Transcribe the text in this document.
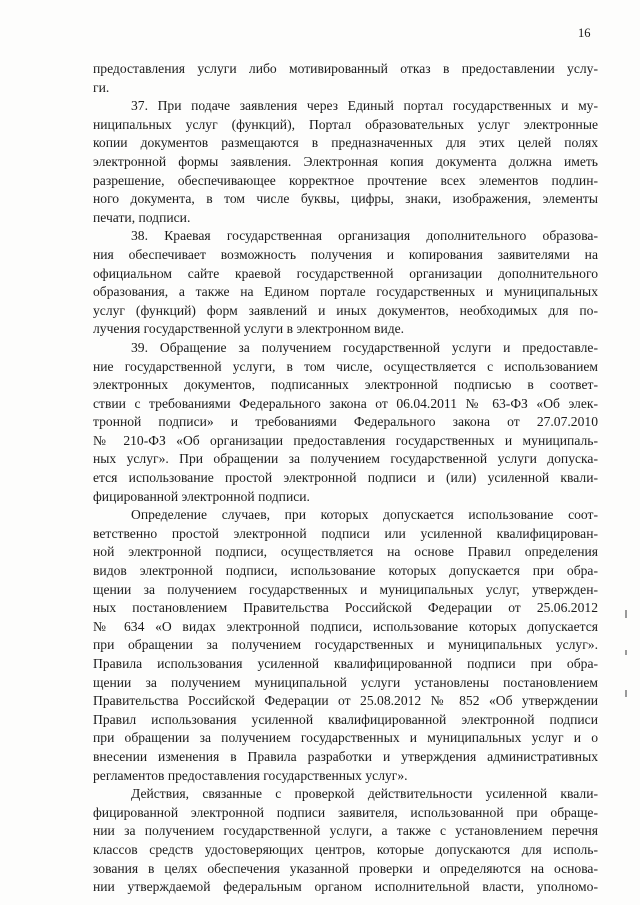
16

предоставления услуги либо мотивированный отказ в предоставлении услу-
ги.

37. При подаче заявления через Единый портал государственных и му-
ниципальных услуг (функций), Портал образовательных услуг электронные
копии документов размещаются в предназначенных для этих целей полях
электронной формы заявления. Электронная копия документа должна иметь
разрешение, обеспечивающее корректное прочтение всех элементов подлин-
ного документа, в том числе буквы, цифры, знаки, изображения, элементы
печати, подписи.

38. Краевая государственная организация дополнительного образова-
ния обеспечивает возможность получения и копирования заявителями на
официальном сайте краевой государственной организации дополнительного
образования, а также на Едином портале государственных и муниципальных
услуг (функций) форм заявлений и иных документов, необходимых для по-
лучения государственной услуги в электронном виде.

39. Обращение за получением государственной услуги и предоставле-
ние государственной услуги, в том числе, осуществляется с использованием
электронных документов, подписанных электронной подписью в соответ-
ствии с требованиями Федерального закона от 06.04.2011 № 63-ФЗ «Об элек-
тронной подписи» и требованиями Федерального закона от 27.07.2010
№ 210-ФЗ «Об организации предоставления государственных и муниципаль-
ных услуг». При обращении за получением государственной услуги допуска-
ется использование простой электронной подписи и (или) усиленной квали-
фицированной электронной подписи.

Определение случаев, при которых допускается использование соот-
ветственно простой электронной подписи или усиленной квалифицирован-
ной электронной подписи, осуществляется на основе Правил определения
видов электронной подписи, использование которых допускается при обра-
щении за получением государственных и муниципальных услуг, утвержден-
ных постановлением Правительства Российской Федерации от 25.06.2012
№ 634 «О видах электронной подписи, использование которых допускается
при обращении за получением государственных и муниципальных услуг».
Правила использования усиленной квалифицированной подписи при обра-
щении за получением муниципальной услуги установлены постановлением
Правительства Российской Федерации от 25.08.2012 № 852 «Об утверждении
Правил использования усиленной квалифицированной электронной подписи
при обращении за получением государственных и муниципальных услуг и о
внесении изменения в Правила разработки и утверждения административных
регламентов предоставления государственных услуг».

Действия, связанные с проверкой действительности усиленной квали-
фицированной электронной подписи заявителя, использованной при обраще-
нии за получением государственной услуги, а также с установлением перечня
классов средств удостоверяющих центров, которые допускаются для исполь-
зования в целях обеспечения указанной проверки и определяются на основа-
нии утверждаемой федеральным органом исполнительной власти, уполномо-
